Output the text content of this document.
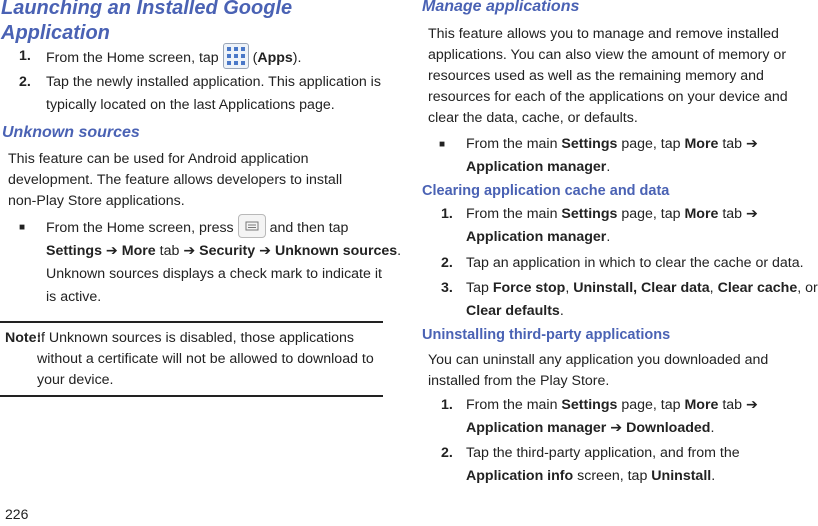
Launching an Installed Google
Application
1. From the Home screen, tap (Apps).
2. Tap the newly installed application. This application is
typically located on the last Applications page.
Unknown sources
This feature can be used for Android application
development. The feature allows developers to install
non-Play Store applications.
■ From the Home screen, press	and then tap
Settings ➔ More tab ➔ Security ➔ Unknown sources.
Unknown sources displays a check mark to indicate it
is active.
Note:
If Unknown sources is disabled, those applications
without a certificate will not be allowed to download to
your device.
Manage applications
This feature allows you to manage and remove installed
applications. You can also view the amount of memory or
resources used as well as the remaining memory and
resources for each of the applications on your device and
clear the data, cache, or defaults.
■ From the main Settings page, tap More tab ➔
Application manager.
Clearing application cache and data
1. From the main Settings page, tap More tab ➔
Application manager.
2. Tap an application in which to clear the cache or data.
3. Tap Force stop, Uninstall, Clear data, Clear cache, or
Clear defaults.
Uninstalling third-party applications
You can uninstall any application you downloaded and
installed from the Play Store.
1. From the main Settings page, tap More tab ➔
Application manager ➔ Downloaded.
2. Tap the third-party application, and from the
Application info screen, tap Uninstall.
226
